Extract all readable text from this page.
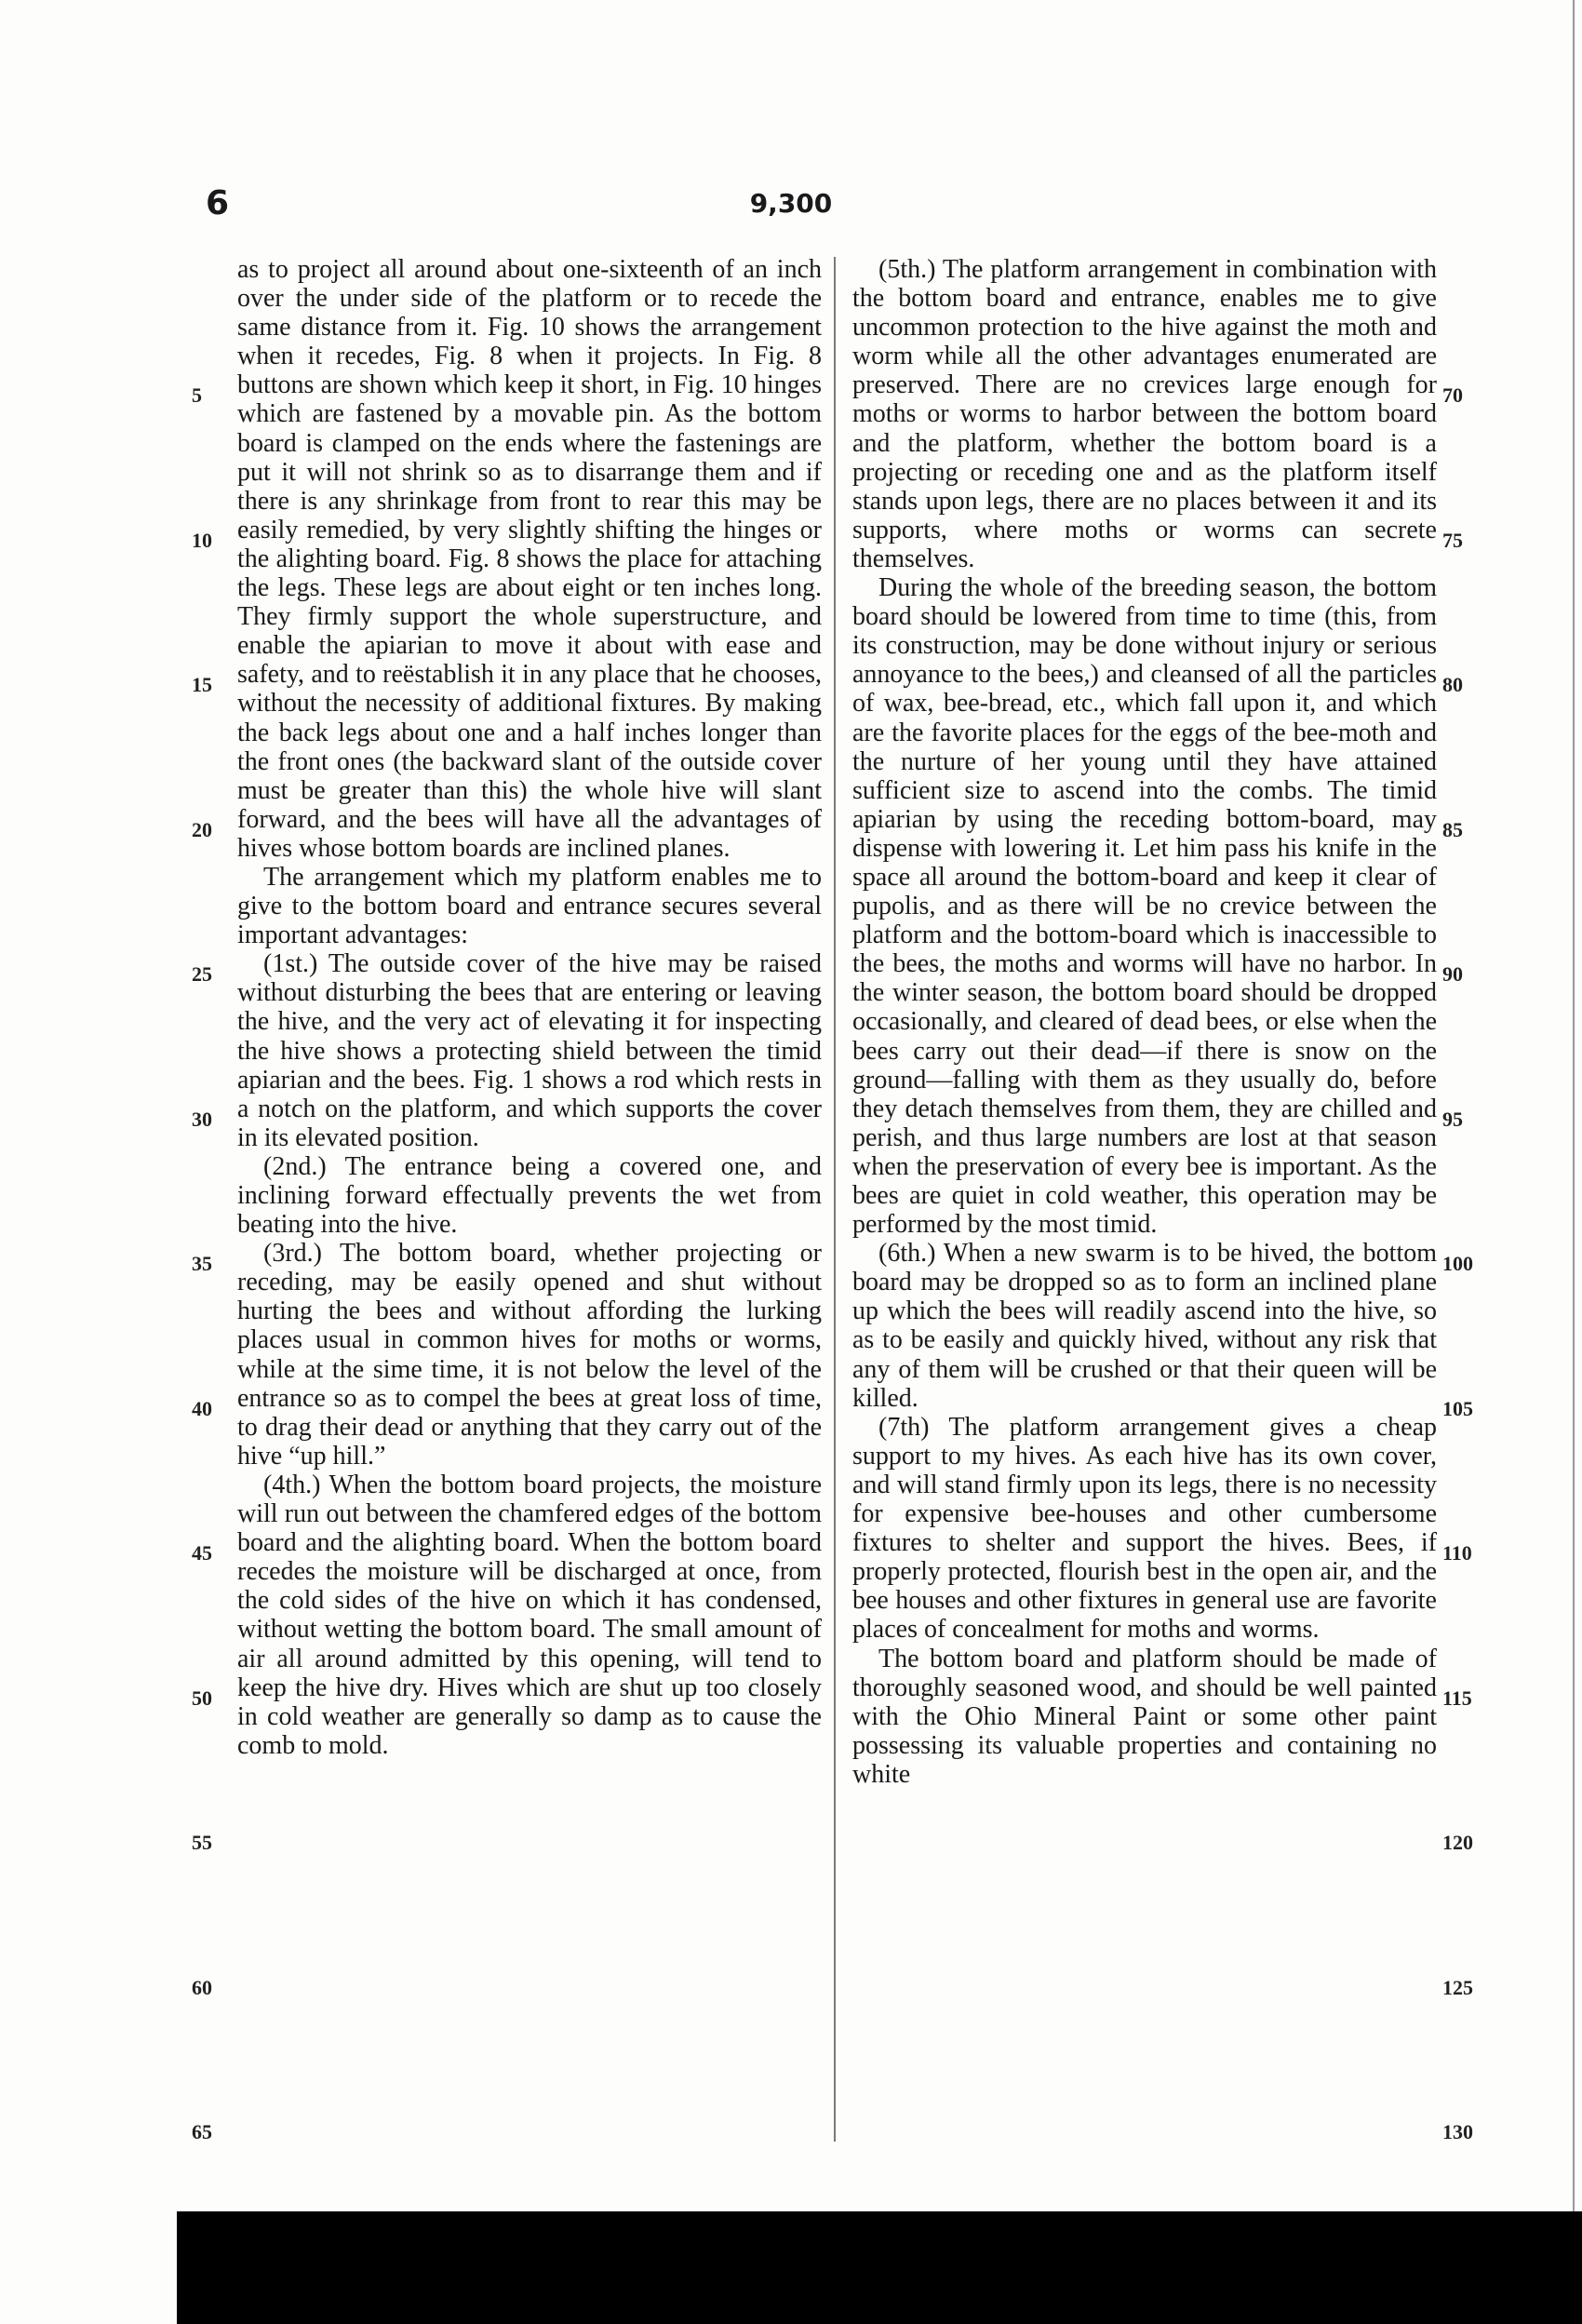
6	9,300

as to project all around about one-sixteenth of an inch over the under side of the platform or to recede the same distance from it. Fig. 10 shows the arrangement when it recedes, Fig. 8 when it projects. In Fig. 8 buttons are shown which keep it short, in Fig. 10 hinges which are fastened by a movable pin. As the bottom board is clamped on the ends where the fastenings are put it will not shrink so as to disarrange them and if there is any shrinkage from front to rear this may be easily remedied, by very slightly shifting the hinges or the alighting board. Fig. 8 shows the place for attaching the legs. These legs are about eight or ten inches long. They firmly support the whole superstructure, and enable the apiarian to move it about with ease and safety, and to reëstablish it in any place that he chooses, without the necessity of additional fixtures. By making the back legs about one and a half inches longer than the front ones (the backward slant of the outside cover must be greater than this) the whole hive will slant forward, and the bees will have all the advantages of hives whose bottom boards are inclined planes.

The arrangement which my platform enables me to give to the bottom board and entrance secures several important advantages:

(1st.) The outside cover of the hive may be raised without disturbing the bees that are entering or leaving the hive, and the very act of elevating it for inspecting the hive shows a protecting shield between the timid apiarian and the bees. Fig. 1 shows a rod which rests in a notch on the platform, and which supports the cover in its elevated position.

(2nd.) The entrance being a covered one, and inclining forward effectually prevents the wet from beating into the hive.

(3rd.) The bottom board, whether projecting or receding, may be easily opened and shut without hurting the bees and without affording the lurking places usual in common hives for moths or worms, while at the sime time, it is not below the level of the entrance so as to compel the bees at great loss of time, to drag their dead or anything that they carry out of the hive “up hill.”

(4th.) When the bottom board projects, the moisture will run out between the chamfered edges of the bottom board and the alighting board. When the bottom board recedes the moisture will be discharged at once, from the cold sides of the hive on which it has condensed, without wetting the bottom board. The small amount of air all around admitted by this opening, will tend to keep the hive dry. Hives which are shut up too closely in cold weather are generally so damp as to cause the comb to mold.

(5th.) The platform arrangement in combination with the bottom board and entrance, enables me to give uncommon protection to the hive against the moth and worm while all the other advantages enumerated are preserved. There are no crevices large enough for moths or worms to harbor between the bottom board and the platform, whether the bottom board is a projecting or receding one and as the platform itself stands upon legs, there are no places between it and its supports, where moths or worms can secrete themselves.

During the whole of the breeding season, the bottom board should be lowered from time to time (this, from its construction, may be done without injury or serious annoyance to the bees,) and cleansed of all the particles of wax, bee-bread, etc., which fall upon it, and which are the favorite places for the eggs of the bee-moth and the nurture of her young until they have attained sufficient size to ascend into the combs. The timid apiarian by using the receding bottom-board, may dispense with lowering it. Let him pass his knife in the space all around the bottom-board and keep it clear of pupolis, and as there will be no crevice between the platform and the bottom-board which is inaccessible to the bees, the moths and worms will have no harbor. In the winter season, the bottom board should be dropped occasionally, and cleared of dead bees, or else when the bees carry out their dead—if there is snow on the ground—falling with them as they usually do, before they detach themselves from them, they are chilled and perish, and thus large numbers are lost at that season when the preservation of every bee is important. As the bees are quiet in cold weather, this operation may be performed by the most timid.

(6th.) When a new swarm is to be hived, the bottom board may be dropped so as to form an inclined plane up which the bees will readily ascend into the hive, so as to be easily and quickly hived, without any risk that any of them will be crushed or that their queen will be killed.

(7th) The platform arrangement gives a cheap support to my hives. As each hive has its own cover, and will stand firmly upon its legs, there is no necessity for expensive bee-houses and other cumbersome fixtures to shelter and support the hives. Bees, if properly protected, flourish best in the open air, and the bee houses and other fixtures in general use are favorite places of concealment for moths and worms.

The bottom board and platform should be made of thoroughly seasoned wood, and should be well painted with the Ohio Mineral Paint or some other paint possessing its valuable properties and containing no white

5
10
15
20
25
30
35
40
45
50
55
60
65
70
75
80
85
90
95
100
105
110
115
120
125
130
